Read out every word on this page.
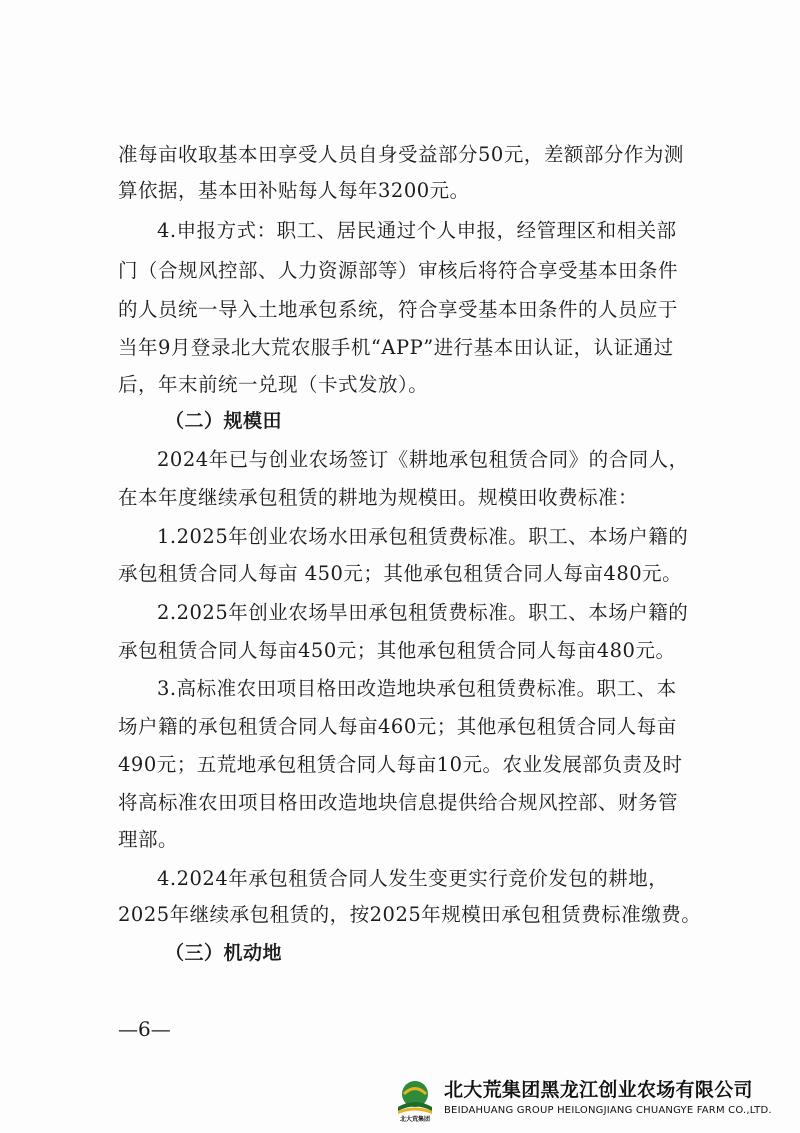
准每亩收取基本田享受人员自身受益部分50元，差额部分作为测
算依据，基本田补贴每人每年3200元。
4.申报方式：职工、居民通过个人申报，经管理区和相关部
门（合规风控部、人力资源部等）审核后将符合享受基本田条件
的人员统一导入土地承包系统，符合享受基本田条件的人员应于
当年9月登录北大荒农服手机“APP”进行基本田认证，认证通过
后，年末前统一兑现（卡式发放）。
（二）规模田
2024年已与创业农场签订《耕地承包租赁合同》的合同人，
在本年度继续承包租赁的耕地为规模田。规模田收费标准：
1.2025年创业农场水田承包租赁费标准。职工、本场户籍的
承包租赁合同人每亩 450元；其他承包租赁合同人每亩480元。
2.2025年创业农场旱田承包租赁费标准。职工、本场户籍的
承包租赁合同人每亩450元；其他承包租赁合同人每亩480元。
3.高标准农田项目格田改造地块承包租赁费标准。职工、本
场户籍的承包租赁合同人每亩460元；其他承包租赁合同人每亩
490元；五荒地承包租赁合同人每亩10元。农业发展部负责及时
将高标准农田项目格田改造地块信息提供给合规风控部、财务管
理部。
4.2024年承包租赁合同人发生变更实行竞价发包的耕地，
2025年继续承包租赁的，按2025年规模田承包租赁费标准缴费。
（三）机动地
—6—
北大荒集团
北大荒集团黑龙江创业农场有限公司
BEIDAHUANG GROUP HEILONGJIANG CHUANGYE FARM CO.,LTD.
